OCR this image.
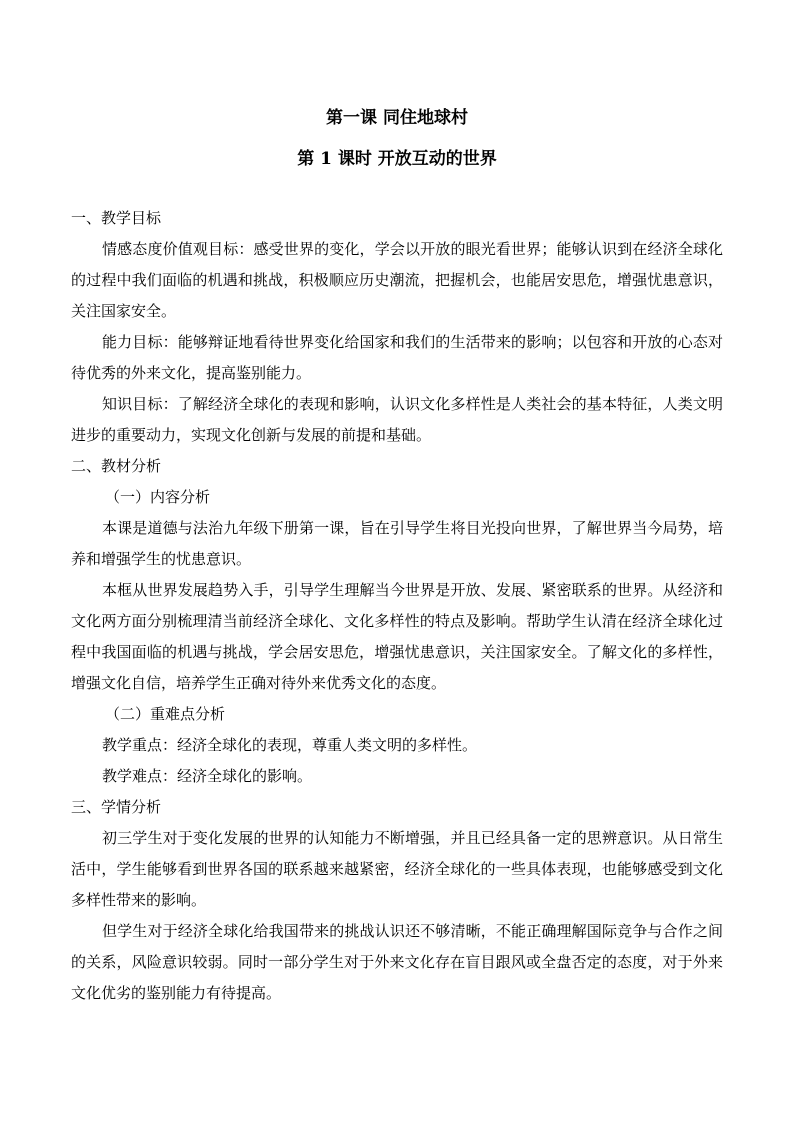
第一课 同住地球村
第 1 课时 开放互动的世界
一、教学目标

情感态度价值观目标：感受世界的变化，学会以开放的眼光看世界；能够认识到在经济全球化的过程中我们面临的机遇和挑战，积极顺应历史潮流，把握机会，也能居安思危，增强忧患意识，关注国家安全。

能力目标：能够辩证地看待世界变化给国家和我们的生活带来的影响；以包容和开放的心态对待优秀的外来文化，提高鉴别能力。

知识目标：了解经济全球化的表现和影响，认识文化多样性是人类社会的基本特征，人类文明进步的重要动力，实现文化创新与发展的前提和基础。

二、教材分析
（一）内容分析

本课是道德与法治九年级下册第一课，旨在引导学生将目光投向世界，了解世界当今局势，培养和增强学生的忧患意识。

本框从世界发展趋势入手，引导学生理解当今世界是开放、发展、紧密联系的世界。从经济和文化两方面分别梳理清当前经济全球化、文化多样性的特点及影响。帮助学生认清在经济全球化过程中我国面临的机遇与挑战，学会居安思危，增强忧患意识，关注国家安全。了解文化的多样性，增强文化自信，培养学生正确对待外来优秀文化的态度。

（二）重难点分析

教学重点：经济全球化的表现，尊重人类文明的多样性。

教学难点：经济全球化的影响。

三、学情分析

初三学生对于变化发展的世界的认知能力不断增强，并且已经具备一定的思辨意识。从日常生活中，学生能够看到世界各国的联系越来越紧密，经济全球化的一些具体表现，也能够感受到文化多样性带来的影响。

但学生对于经济全球化给我国带来的挑战认识还不够清晰，不能正确理解国际竞争与合作之间的关系，风险意识较弱。同时一部分学生对于外来文化存在盲目跟风或全盘否定的态度，对于外来文化优劣的鉴别能力有待提高。
